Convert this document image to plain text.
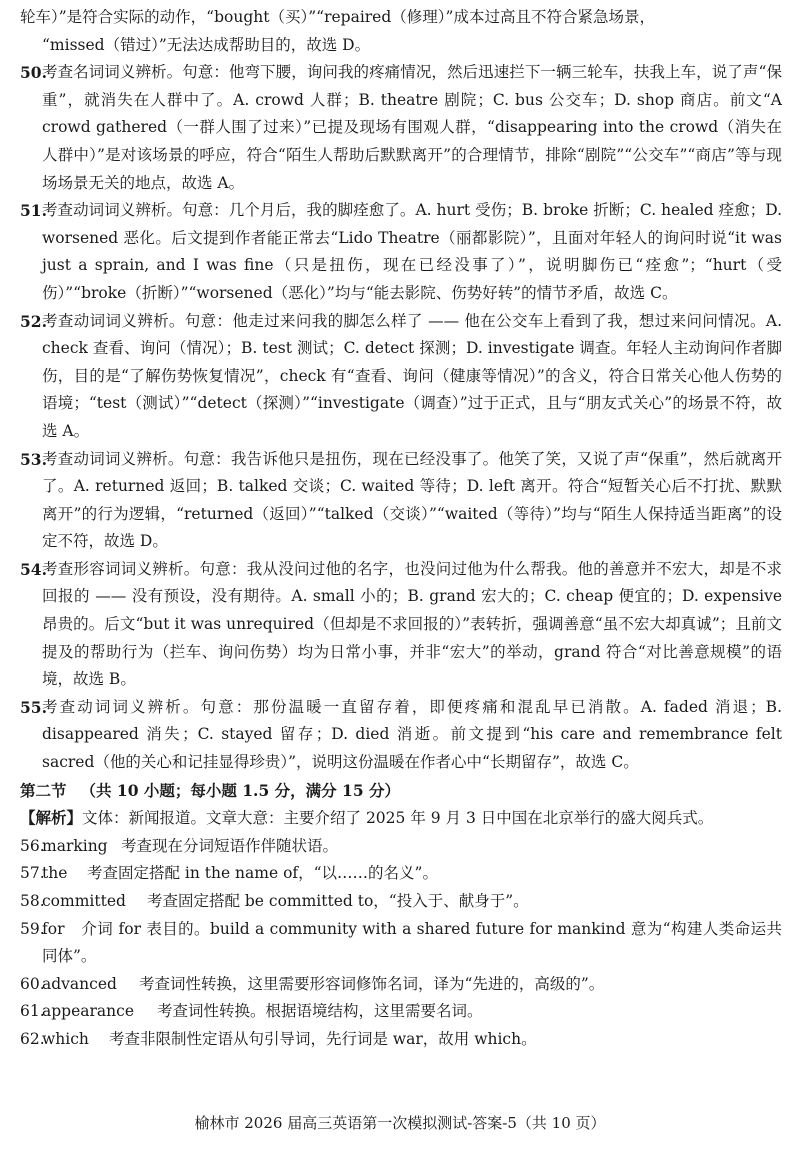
轮车）”是符合实际的动作，“bought（买）”“repaired（修理）”成本过高且不符合紧急场景，

“missed（错过）”无法达成帮助目的，故选 D。

50.
考查名词词义辨析。句意：他弯下腰，询问我的疼痛情况，然后迅速拦下一辆三轮车，扶我上车，说了声“保重”，就消失在人群中了。A. crowd 人群；B. theatre 剧院；C. bus 公交车；D. shop 商店。前文“A crowd gathered（一群人围了过来）”已提及现场有围观人群，“disappearing into the crowd（消失在人群中）”是对该场景的呼应，符合“陌生人帮助后默默离开”的合理情节，排除“剧院”“公交车”“商店”等与现场场景无关的地点，故选 A。
51.
考查动词词义辨析。句意：几个月后，我的脚痊愈了。A. hurt 受伤；B. broke 折断；C. healed 痊愈；D. worsened 恶化。后文提到作者能正常去“Lido Theatre（丽都影院）”，且面对年轻人的询问时说“it was just a sprain, and I was fine（只是扭伤，现在已经没事了）”，说明脚伤已“痊愈”；“hurt（受伤）”“broke（折断）”“worsened（恶化）”均与“能去影院、伤势好转”的情节矛盾，故选 C。
52.
考查动词词义辨析。句意：他走过来问我的脚怎么样了 —— 他在公交车上看到了我，想过来问问情况。A. check 查看、询问（情况）；B. test 测试；C. detect 探测；D. investigate 调查。年轻人主动询问作者脚伤，目的是“了解伤势恢复情况”，check 有“查看、询问（健康等情况）”的含义，符合日常关心他人伤势的语境；“test（测试）”“detect（探测）”“investigate（调查）”过于正式，且与“朋友式关心”的场景不符，故选 A。
53.
考查动词词义辨析。句意：我告诉他只是扭伤，现在已经没事了。他笑了笑，又说了声“保重”，然后就离开了。A. returned 返回；B. talked 交谈；C. waited 等待；D. left 离开。符合“短暂关心后不打扰、默默离开”的行为逻辑，“returned（返回）”“talked（交谈）”“waited（等待）”均与“陌生人保持适当距离”的设定不符，故选 D。
54.
考查形容词词义辨析。句意：我从没问过他的名字，也没问过他为什么帮我。他的善意并不宏大，却是不求回报的 —— 没有预设，没有期待。A. small 小的；B. grand 宏大的；C. cheap 便宜的；D. expensive 昂贵的。后文“but it was unrequired（但却是不求回报的）”表转折，强调善意“虽不宏大却真诚”；且前文提及的帮助行为（拦车、询问伤势）均为日常小事，并非“宏大”的举动，grand 符合“对比善意规模”的语境，故选 B。
55.
考查动词词义辨析。句意：那份温暖一直留存着，即便疼痛和混乱早已消散。A. faded 消退；B. disappeared 消失；C. stayed 留存；D. died 消逝。前文提到“his care and remembrance felt sacred（他的关心和记挂显得珍贵）”，说明这份温暖在作者心中“长期留存”，故选 C。

第二节 （共 10 小题；每小题 1.5 分，满分 15 分）

【解析】文体：新闻报道。文章大意：主要介绍了 2025 年 9 月 3 日中国在北京举行的盛大阅兵式。

56.
marking 考查现在分词短语作伴随状语。
57.
the 考查固定搭配 in the name of，“以……的名义”。
58.
committed 考查固定搭配 be committed to，“投入于、献身于”。
59.
for 介词 for 表目的。build a community with a shared future for mankind 意为“构建人类命运共同体”。
60.
advanced 考查词性转换，这里需要形容词修饰名词，译为“先进的，高级的”。
61.
appearance 考查词性转换。根据语境结构，这里需要名词。
62.
which 考查非限制性定语从句引导词，先行词是 war，故用 which。
榆林市 2026 届高三英语第一次模拟测试-答案-5（共 10 页）
